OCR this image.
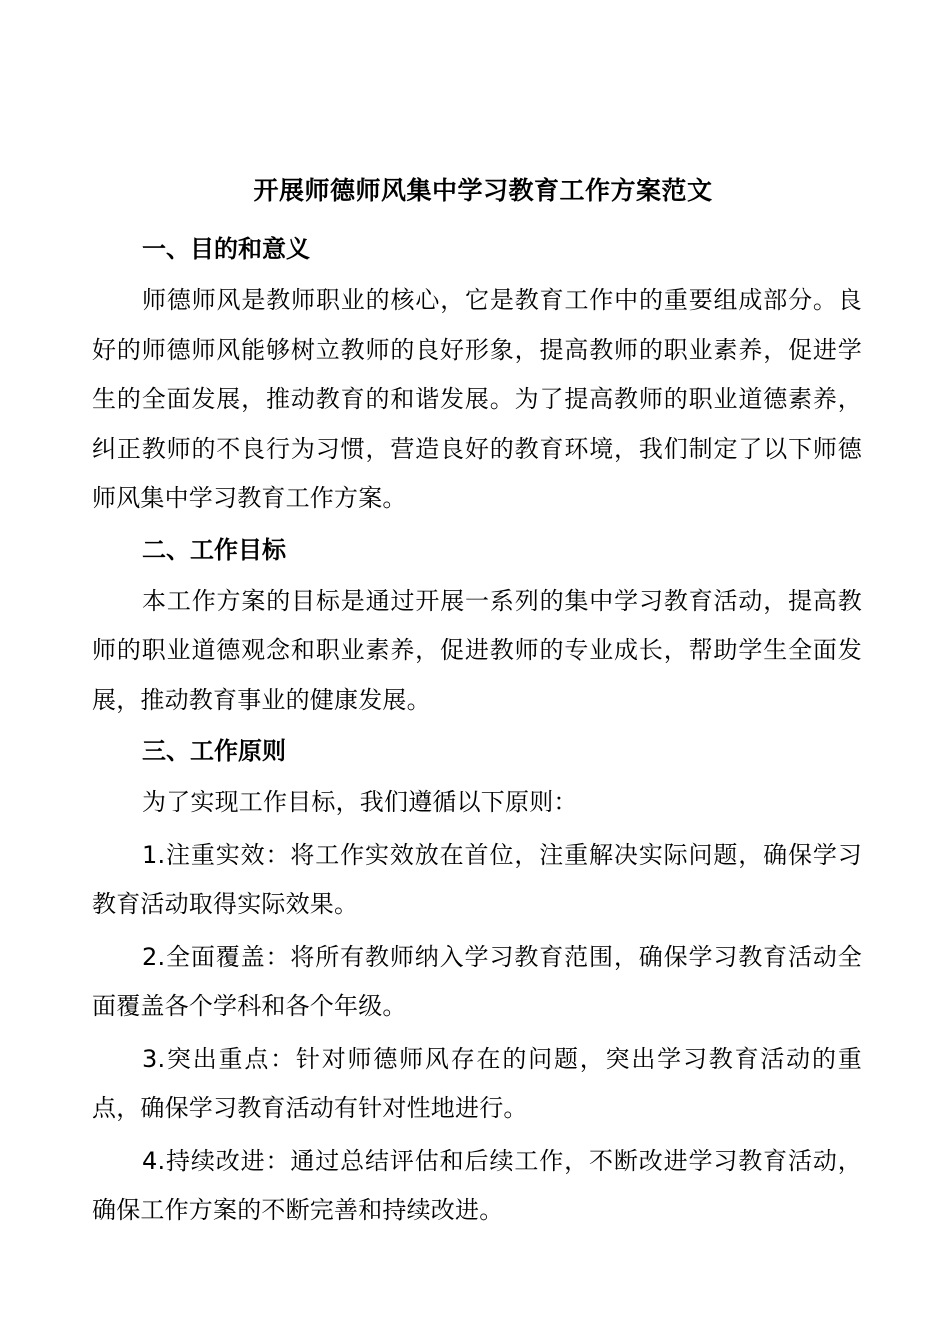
开展师德师风集中学习教育工作方案范文
一、目的和意义

师德师风是教师职业的核心，它是教育工作中的重要组成部分。良好的师德师风能够树立教师的良好形象，提高教师的职业素养，促进学生的全面发展，推动教育的和谐发展。为了提高教师的职业道德素养，纠正教师的不良行为习惯，营造良好的教育环境，我们制定了以下师德师风集中学习教育工作方案。

二、工作目标

本工作方案的目标是通过开展一系列的集中学习教育活动，提高教师的职业道德观念和职业素养，促进教师的专业成长，帮助学生全面发展，推动教育事业的健康发展。

三、工作原则

为了实现工作目标，我们遵循以下原则：

1.注重实效：将工作实效放在首位，注重解决实际问题，确保学习教育活动取得实际效果。

2.全面覆盖：将所有教师纳入学习教育范围，确保学习教育活动全面覆盖各个学科和各个年级。

3.突出重点：针对师德师风存在的问题，突出学习教育活动的重点，确保学习教育活动有针对性地进行。

4.持续改进：通过总结评估和后续工作，不断改进学习教育活动，确保工作方案的不断完善和持续改进。
